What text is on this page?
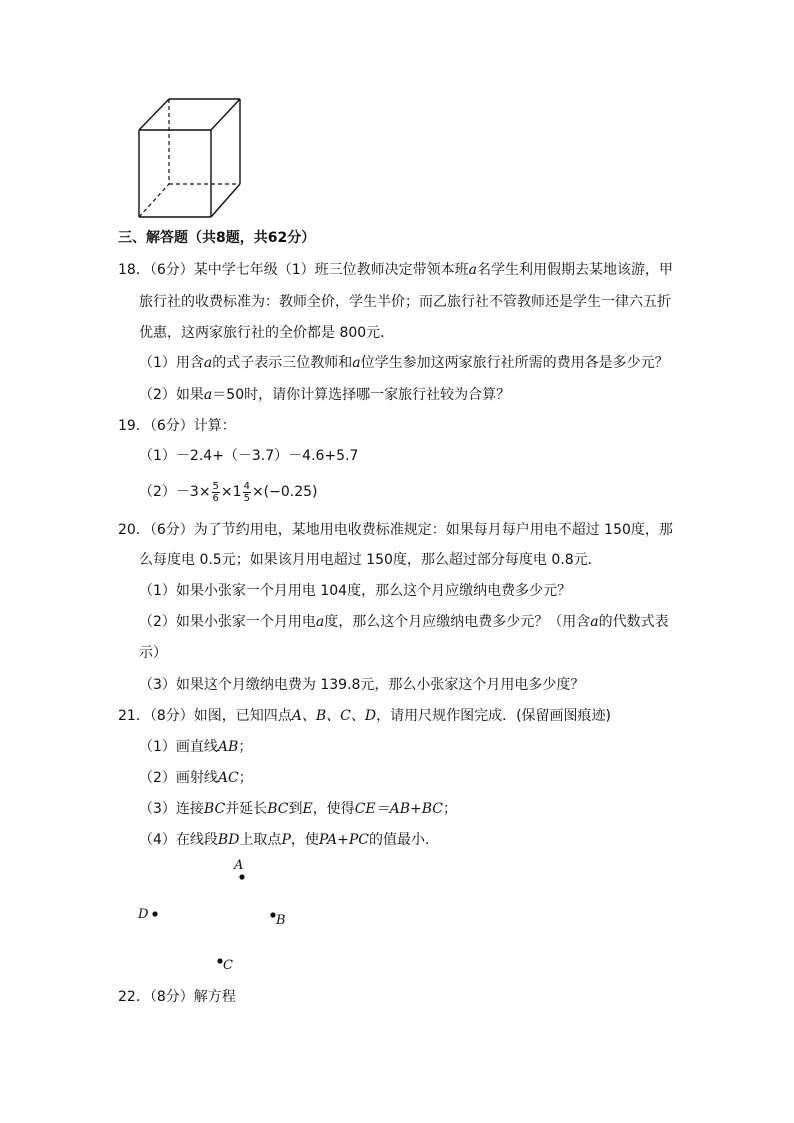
三、解答题（共8题，共62分）
18．（6分）某中学七年级（1）班三位教师决定带领本班a名学生利用假期去某地该游，甲
旅行社的收费标准为：教师全价，学生半价；而乙旅行社不管教师还是学生一律六五折
优惠，这两家旅行社的全价都是 800元．
（1）用含a的式子表示三位教师和a位学生参加这两家旅行社所需的费用各是多少元？
（2）如果a＝50时，请你计算选择哪一家旅行社较为合算？
19．（6分）计算：
（1）－2.4+（－3.7）－4.6+5.7
$(2)-3\times \frac{5}{6} \times 1 \frac{4}{5} \times(-0.25)$
20．（6分）为了节约用电，某地用电收费标准规定：如果每月每户用电不超过 150度，那
么每度电 0.5元；如果该月用电超过 150度，那么超过部分每度电 0.8元．
（1）如果小张家一个月用电 104度，那么这个月应缴纳电费多少元？
（2）如果小张家一个月用电a度，那么这个月应缴纳电费多少元？（用含a的代数式表
示）
（3）如果这个月缴纳电费为 139.8元，那么小张家这个月用电多少度？
21．（8分）如图，已知四点A、B、C、D，请用尺规作图完成．(保留画图痕迹)
（1）画直线AB；
（2）画射线AC；
（3）连接BC并延长BC到E，使得CE＝AB+BC；
（4）在线段BD上取点P，使PA+PC的值最小．
A
D	B
C
22．（8分）解方程
